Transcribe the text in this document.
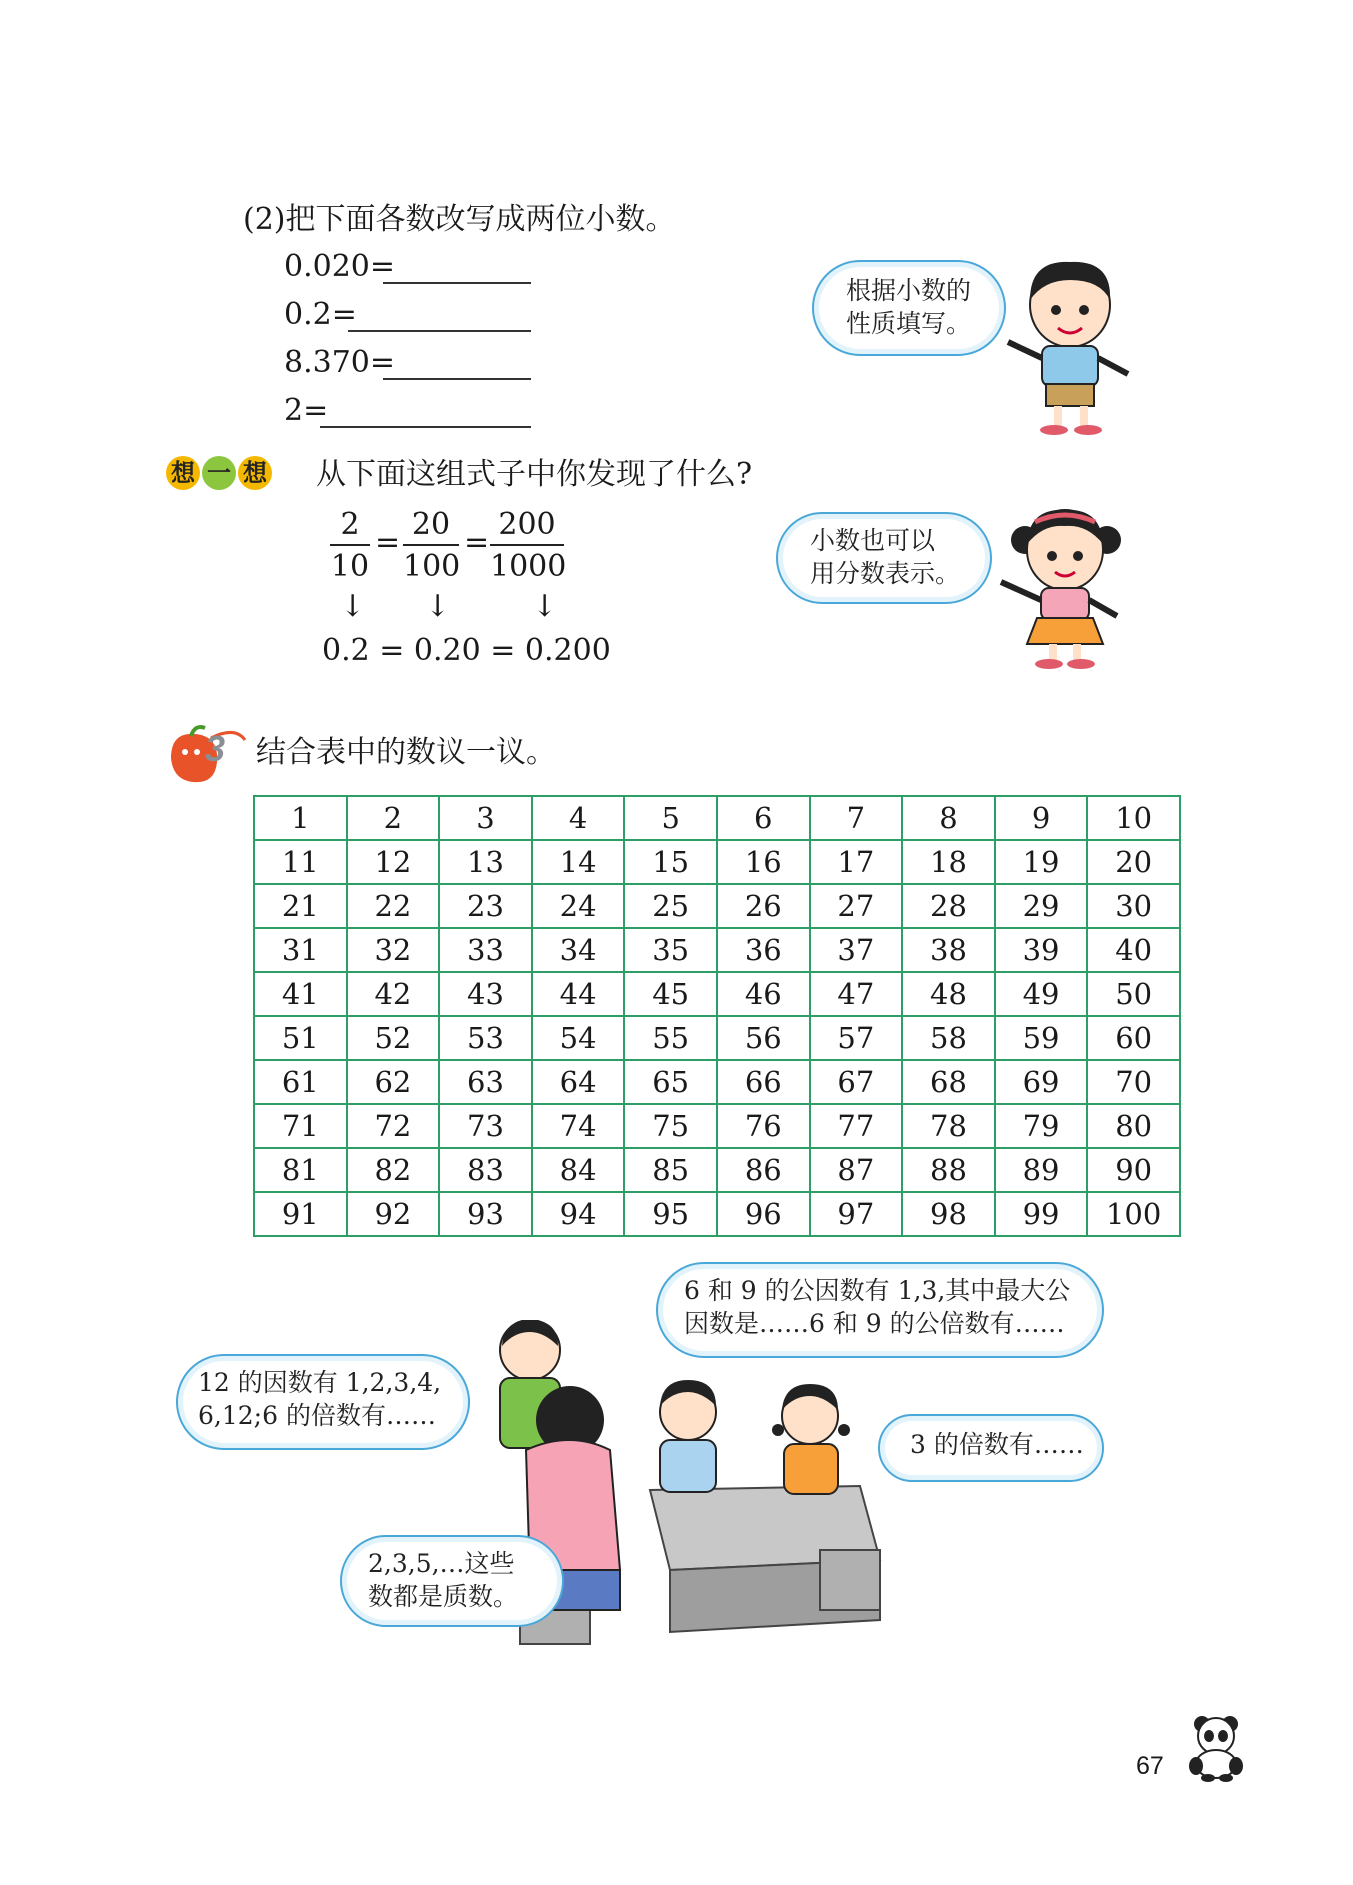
(2)把下面各数改写成两位小数。
0.020=
0.2=
8.370=
2=
根据小数的
性质填写。
想 一 想 从下面这组式子中你发现了什么?
2
10
=
20
100
=
200
1000
↓ ↓	↓
0.2 = 0.20 = 0.200
小数也可以
用分数表示。
3 结合表中的数议一议。
1	2	3	4	5	6	7	8	9	10
11	12	13	14	15	16	17	18	19	20
21	22	23	24	25	26	27	28	29	30
31	32	33	34	35	36	37	38	39	40
41	42	43	44	45	46	47	48	49	50
51	52	53	54	55	56	57	58	59	60
61	62	63	64	65	66	67	68	69	70
71	72	73	74	75	76	77	78	79	80
81	82	83	84	85	86	87	88	89	90
91	92	93	94	95	96	97	98	99	100
6 和 9 的公因数有 1,3,其中最大公
因数是……6 和 9 的公倍数有……
12 的因数有 1,2,3,4,
6,12;6 的倍数有……
3 的倍数有……
2,3,5,…这些
数都是质数。
67
